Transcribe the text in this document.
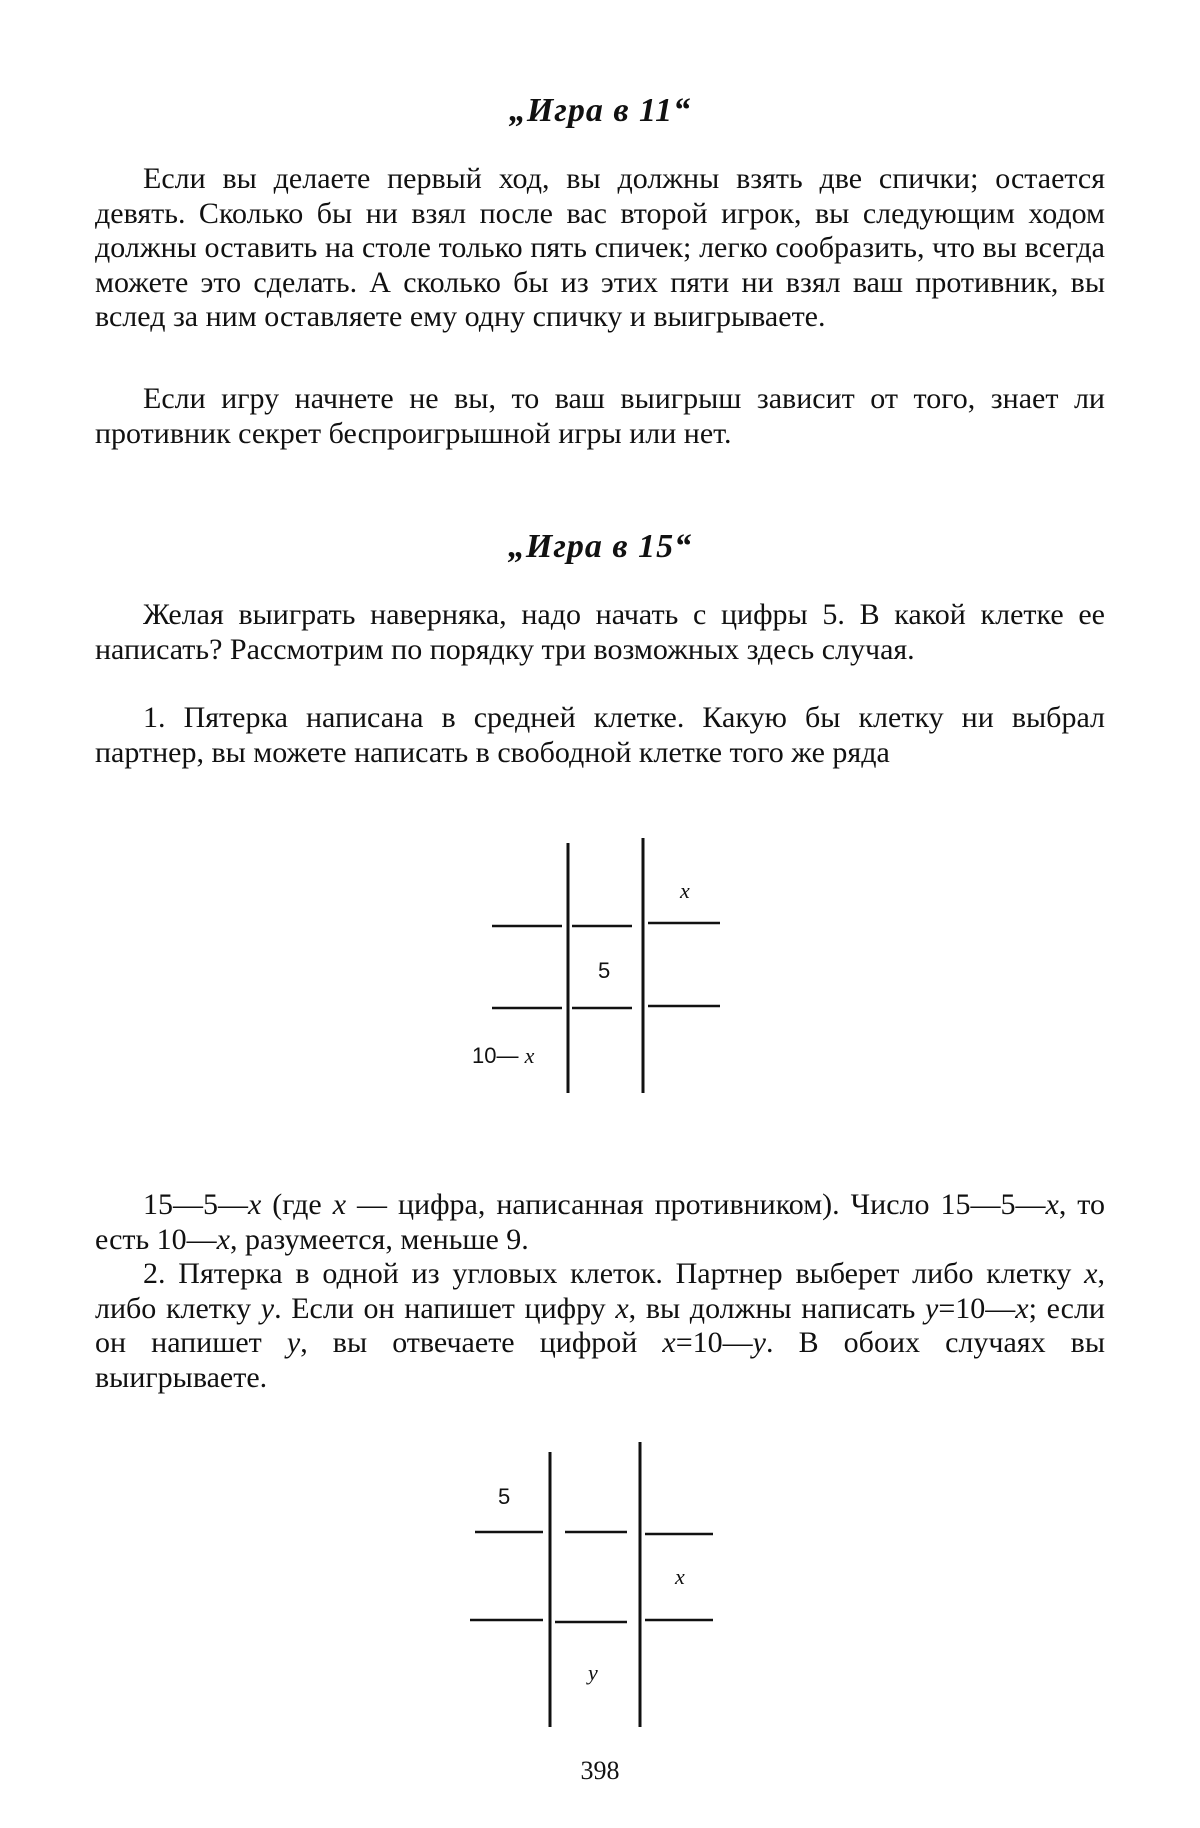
„Игра в 11“
Если вы делаете первый ход, вы должны взять две спички; остается девять. Сколько бы ни взял после вас второй игрок, вы следующим ходом должны оставить на столе только пять спичек; легко сообразить, что вы всегда можете это сделать. А сколько бы из этих пяти ни взял ваш противник, вы вслед за ним оставляете ему одну спичку и выигрываете.
Если игру начнете не вы, то ваш выигрыш зависит от того, знает ли противник секрет беспроигрышной игры или нет.
„Игра в 15“
Желая выиграть наверняка, надо начать с цифры 5. В какой клетке ее написать? Рассмотрим по порядку три возможных здесь случая.
1. Пятерка написана в средней клетке. Какую бы клетку ни выбрал партнер, вы можете написать в свободной клетке того же ряда
x
5
10— x
15—5—x (где x — цифра, написанная противником). Число 15—5—x, то есть 10—x, разумеется, меньше 9.
2. Пятерка в одной из угловых клеток. Партнер выберет либо клетку x, либо клетку y. Если он напишет цифру x, вы должны написать y=10—x; если он напишет y, вы отвечаете цифрой x=10—y. В обоих случаях вы выигрываете.
5
x
y
398
